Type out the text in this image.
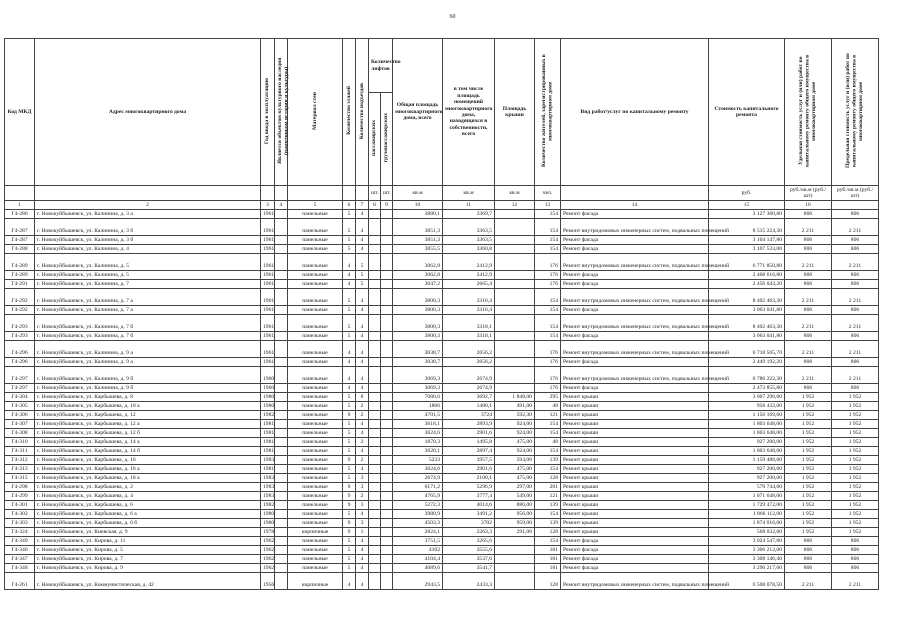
60
Код МКД	Адрес многоквартирного дома	Год ввода в эксплуатацию	Является объектом культурного наследия (памятником истории и культуры)	Материал стен	Количество этажей	Количество подъездов	Количество лифтов		Общая площадь многоквартирного дома, всего	в том числе площадь помещений многоквартирного дома, находящихся в собственности, всего	Площадь крыши	Количество жителей, зарегистрированных в многоквартирном доме	Вид работ/услуг по капитальному ремонту	Стоимость капитального ремонта	Удельная стоимость услуг и (или) работ по капитальному ремонту общего имущества в многоквартирном доме	Предельная стоимость услуг и (или) работ по капитальному ремонту общего имущества в многоквартирном доме
							пассажирских	грузопассажирских								

							шт.	шт.	кв.м	кв.м	кв.м	чел.		руб.	руб./кв.м (руб./шт)	руб./кв.м (руб./шт)
1	2	3	4	5	6	7	8	9	10	11	12	13	14	15	16	
Г4-286	г. Новокуйбышевск, ул. Калинина, д. 3 а	1961		панельные	5	4			3880,1	3369,7		154	Ремонт фасада	3 127 360,80	806	806
Г4-287	г. Новокуйбышевск, ул. Калинина, д. 3 б	1961		панельные	5	4			3851,3	3363,5		154	Ремонт внутридомовых инженерных систем, подвальных помещений	8 515 224,30	2 211	2 211
Г4-287	г. Новокуйбышевск, ул. Калинина, д. 3 б	1961		панельные	5	4			3851,3	3363,5		154	Ремонт фасада	3 104 147,80	806	806
Г4-288	г. Новокуйбышевск, ул. Калинина, д. 4	1961		панельные	5	4			3855,5	3360,8		154	Ремонт фасада	3 107 533,00	806	806
Г4-289	г. Новокуйбышевск, ул. Калинина, д. 5	1961		панельные	4	5			3062,8	2412,9		176	Ремонт внутридомовых инженерных систем, подвальных помещений	6 771 850,80	2 211	2 211
Г4-289	г. Новокуйбышевск, ул. Калинина, д. 5	1961		панельные	4	5			3062,8	2412,9		176	Ремонт фасада	2 468 616,80	806	806
Г4-291	г. Новокуйбышевск, ул. Калинина, д. 7	1961		панельные	4	5			3047,2	2665,4		176	Ремонт фасада	2 456 043,20	806	806
Г4-292	г. Новокуйбышевск, ул. Калинина, д. 7 а	1961		панельные	5	4			3800,3	3316,4		154	Ремонт внутридомовых инженерных систем, подвальных помещений	8 402 463,30	2 211	2 211
Г4-292	г. Новокуйбышевск, ул. Калинина, д. 7 а	1961		панельные	5	4			3800,3	3316,4		154	Ремонт фасада	3 063 041,80	806	806
Г4-293	г. Новокуйбышевск, ул. Калинина, д. 7 б	1961		панельные	5	4			3800,3	3318,1		154	Ремонт внутридомовых инженерных систем, подвальных помещений	8 402 463,30	2 211	2 211
Г4-293	г. Новокуйбышевск, ул. Калинина, д. 7 б	1961		панельные	5	4			3800,3	3318,1		154	Ремонт фасада	3 063 041,80	806	806
Г4-296	г. Новокуйбышевск, ул. Калинина, д. 9 а	1961		панельные	4	4			3038,7	2656,2		176	Ремонт внутридомовых инженерных систем, подвальных помещений	6 718 565,70	2 211	2 211
Г4-296	г. Новокуйбышевск, ул. Калинина, д. 9 а	1961		панельные	4	4			3038,7	2656,2		176	Ремонт фасада	2 449 192,20	806	806
Г4-297	г. Новокуйбышевск, ул. Калинина, д. 9 б	1960		панельные	4	4			3069,3	2674,9		176	Ремонт внутридомовых инженерных систем, подвальных помещений	6 786 222,30	2 211	2 211
Г4-297	г. Новокуйбышевск, ул. Калинина, д. 9 б	1960		панельные	4	4			3069,3	2674,9		176	Ремонт фасада	2 473 855,80	806	806
Г4-304	г. Новокуйбышевск, ул. Карбышева, д. 8	1980		панельные	5	8			7080,6	3692,7	1 848,00	295	Ремонт крыши	3 607 296,00	1 952	1 952
Г4-305	г. Новокуйбышевск, ул. Карбышева, д. 10 а	1980		панельные	5	2			1866	1480,1	491,00	48	Ремонт крыши	958 432,00	1 952	1 952
Г4-306	г. Новокуйбышевск, ул. Карбышева, д. 12	1982		панельные	9	2			4701,5	3724	592,30	121	Ремонт крыши	1 156 169,60	1 952	1 952
Г4-307	г. Новокуйбышевск, ул. Карбышева, д. 12 а	1981		панельные	5	4			3618,1	2893,9	924,00	154	Ремонт крыши	1 803 648,00	1 952	1 952
Г4-308	г. Новокуйбышевск, ул. Карбышева, д. 12 б	1981		панельные	5	4			3624,6	2901,6	924,00	154	Ремонт крыши	1 803 648,00	1 952	1 952
Г4-310	г. Новокуйбышевск, ул. Карбышева, д. 14 а	1981		панельные	5	2			1870,3	1495,8	475,00	48	Ремонт крыши	927 200,00	1 952	1 952
Г4-311	г. Новокуйбышевск, ул. Карбышева, д. 14 б	1981		панельные	5	4			3620,1	2897,4	924,00	154	Ремонт крыши	1 803 648,00	1 952	1 952
Г4-312	г. Новокуйбышевск, ул. Карбышева, д. 16	1983		панельные	9	2			5233	3957,5	594,00	139	Ремонт крыши	1 159 488,00	1 952	1 952
Г4-313	г. Новокуйбышевск, ул. Карбышева, д. 16 а	1981		панельные	5	4			3624,6	2901,6	475,00	154	Ремонт крыши	927 200,00	1 952	1 952
Г4-315	г. Новокуйбышевск, ул. Карбышева, д. 18 а	1983		панельные	5	3			2674,9	2100,1	475,00	128	Ремонт крыши	927 200,00	1 952	1 952
Г4-298	г. Новокуйбышевск, ул. Карбышева, д. 2	1983		панельные	9	3			6171,2	5296,9	297,00	201	Ремонт крыши	579 744,00	1 952	1 952
Г4-299	г. Новокуйбышевск, ул. Карбышева, д. 4	1983		панельные	9	2			4765,9	3777,4	549,00	121	Ремонт крыши	1 071 648,00	1 952	1 952
Г4-301	г. Новокуйбышевск, ул. Карбышева, д. 6	1982		панельные	9	3			5272,3	4014,6	886,00	139	Ремонт крыши	1 729 472,00	1 952	1 952
Г4-302	г. Новокуйбышевск, ул. Карбышева, д. 6 а	1980		панельные	5	4			3980,9	3491,2	956,00	154	Ремонт крыши	1 866 112,00	1 952	1 952
Г4-303	г. Новокуйбышевск, ул. Карбышева, д. 6 б	1980		панельные	9	3			4503,3	3702	959,00	139	Ремонт крыши	1 874 016,00	1 952	1 952
Г4-324	г. Новокуйбышевск, ул. Киевская, д. 9	1978		кирпичные	9	1			2824,1	2263,3	291,00	128	Ремонт крыши	568 032,00	1 952	1 952
Г4-349	г. Новокуйбышевск, ул. Кирова, д. 11	1962		панельные	5	4			3751,5	3265,6		154	Ремонт фасада	3 024 547,80	806	806
Г4-346	г. Новокуйбышевск, ул. Кирова, д. 5	1962		панельные	5	4			4102	3555,6		181	Ремонт фасада	3 306 212,00	806	806
Г4-347	г. Новокуйбышевск, ул. Кирова, д. 7	1962		панельные	5	4			4104,4	3537,6		181	Ремонт фасада	3 308 146,40	806	806
Г4-348	г. Новокуйбышевск, ул. Кирова, д. 9	1962		панельные	5	4			4089,6	3541,7		181	Ремонт фасада	3 296 217,60	806	806
Г4-261	г. Новокуйбышевск, ул. Коммунистическая, д. 42	1956		кирпичные	4	4			2943,5	2433,3		128	Ремонт внутридомовых инженерных систем, подвальных помещений	6 508 078,50	2 211	2 211
